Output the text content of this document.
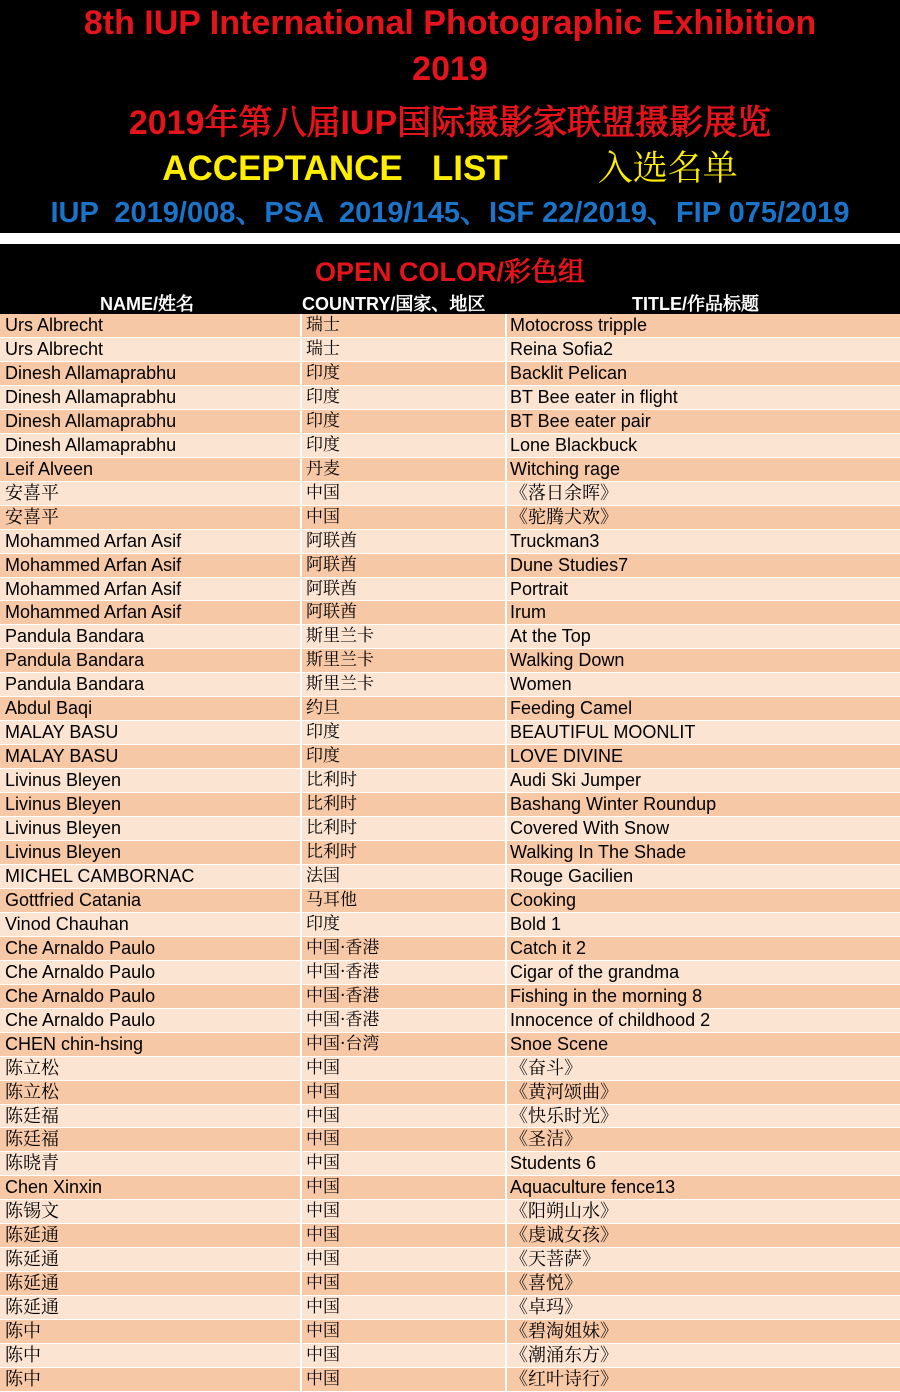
8th IUP International Photographic Exhibition
2019
2019年第八届IUP国际摄影家联盟摄影展览
ACCEPTANCE   LIST	入选名单
IUP  2019/008、PSA  2019/145、ISF 22/2019、FIP 075/2019
OPEN COLOR/彩色组
NAME/姓名	COUNTRY/国家、地区	TITLE/作品标题
Urs Albrecht	瑞士	Motocross tripple
Urs Albrecht	瑞士	Reina Sofia2
Dinesh Allamaprabhu	印度	Backlit Pelican
Dinesh Allamaprabhu	印度	BT Bee eater in flight
Dinesh Allamaprabhu	印度	BT Bee eater pair
Dinesh Allamaprabhu	印度	Lone Blackbuck
Leif Alveen	丹麦	Witching rage
安喜平	中国	《落日余晖》
安喜平	中国	《驼腾犬欢》
Mohammed Arfan Asif	阿联酋	Truckman3
Mohammed Arfan Asif	阿联酋	Dune Studies7
Mohammed Arfan Asif	阿联酋	Portrait
Mohammed Arfan Asif	阿联酋	Irum
Pandula Bandara	斯里兰卡	At the Top
Pandula Bandara	斯里兰卡	Walking Down
Pandula Bandara	斯里兰卡	Women
Abdul Baqi	约旦	Feeding Camel
MALAY BASU	印度	BEAUTIFUL MOONLIT
MALAY BASU	印度	LOVE DIVINE
Livinus Bleyen	比利时	Audi Ski Jumper
Livinus Bleyen	比利时	Bashang Winter Roundup
Livinus Bleyen	比利时	Covered With Snow
Livinus Bleyen	比利时	Walking In The Shade
MICHEL CAMBORNAC	法国	Rouge Gacilien
Gottfried Catania	马耳他	Cooking
Vinod Chauhan	印度	Bold 1
Che Arnaldo Paulo	中国·香港	Catch it 2
Che Arnaldo Paulo	中国·香港	Cigar of the grandma
Che Arnaldo Paulo	中国·香港	Fishing in the morning 8
Che Arnaldo Paulo	中国·香港	Innocence of childhood 2
CHEN chin-hsing	中国·台湾	Snoe Scene
陈立松	中国	《奋斗》
陈立松	中国	《黄河颂曲》
陈廷福	中国	《快乐时光》
陈廷福	中国	《圣洁》
陈晓青	中国	Students 6
Chen Xinxin	中国	Aquaculture fence13
陈锡文	中国	《阳朔山水》
陈延通	中国	《虔诚女孩》
陈延通	中国	《天菩萨》
陈延通	中国	《喜悦》
陈延通	中国	《卓玛》
陈中	中国	《碧淘姐妹》
陈中	中国	《潮涌东方》
陈中	中国	《红叶诗行》
